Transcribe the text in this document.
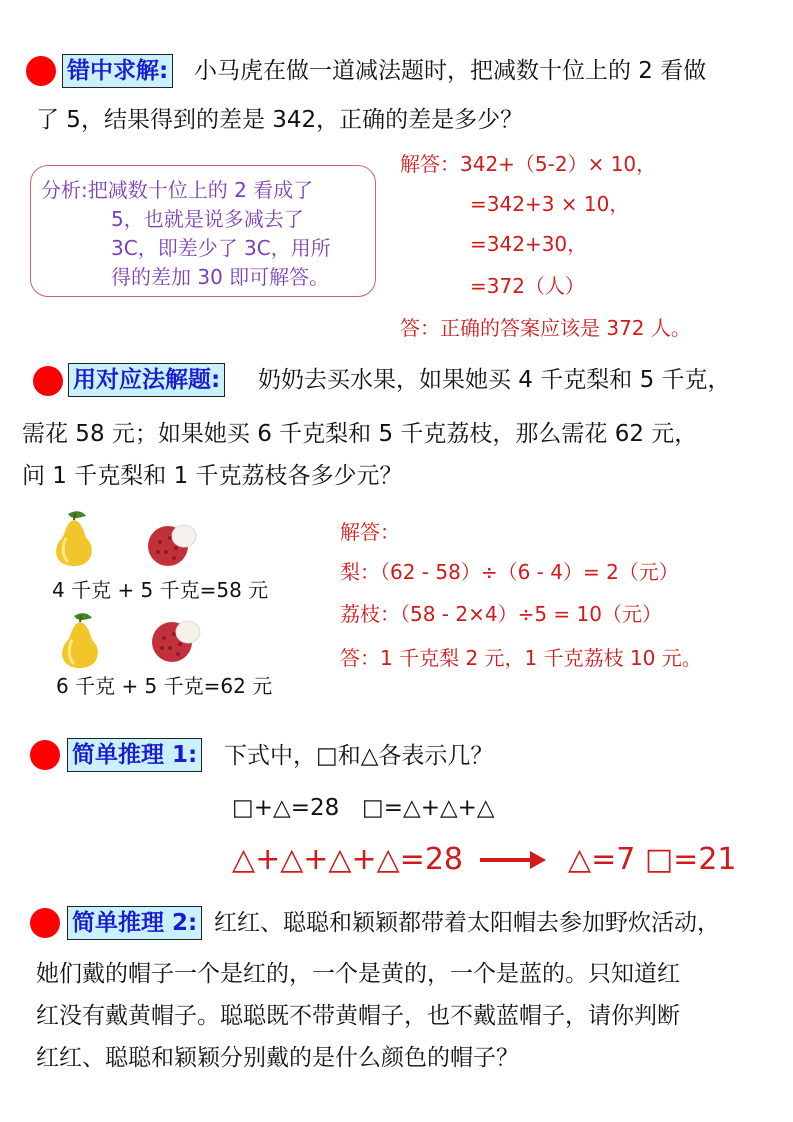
错中求解: 小马虎在做一道减法题时，把减数十位上的 2 看做
了 5，结果得到的差是 342，正确的差是多少？
分析:把减数十位上的 2 看成了
5，也就是说多减去了
3C，即差少了 3C，用所
得的差加 30 即可解答。
解答：342+（5-2）× 10，
=342+3 × 10，
=342+30，
=372（人）
答：正确的答案应该是 372 人。
用对应法解题: 奶奶去买水果，如果她买 4 千克梨和 5 千克，
需花 58 元；如果她买 6 千克梨和 5 千克荔枝，那么需花 62 元，
问 1 千克梨和 1 千克荔枝各多少元？
4 千克 + 5 千克=58 元
6 千克 + 5 千克=62 元
解答：
梨：（62 - 58）÷（6 - 4）= 2（元）
荔枝：（58 - 2×4）÷5 = 10（元）
答：1 千克梨 2 元，1 千克荔枝 10 元。
简单推理 1: 下式中，□和△各表示几？
□+△=28 □=△+△+△
△+△+△+△=28	△=7 □=21
简单推理 2: 红红、聪聪和颖颖都带着太阳帽去参加野炊活动，
她们戴的帽子一个是红的，一个是黄的，一个是蓝的。只知道红
红没有戴黄帽子。聪聪既不带黄帽子，也不戴蓝帽子，请你判断
红红、聪聪和颖颖分别戴的是什么颜色的帽子？
